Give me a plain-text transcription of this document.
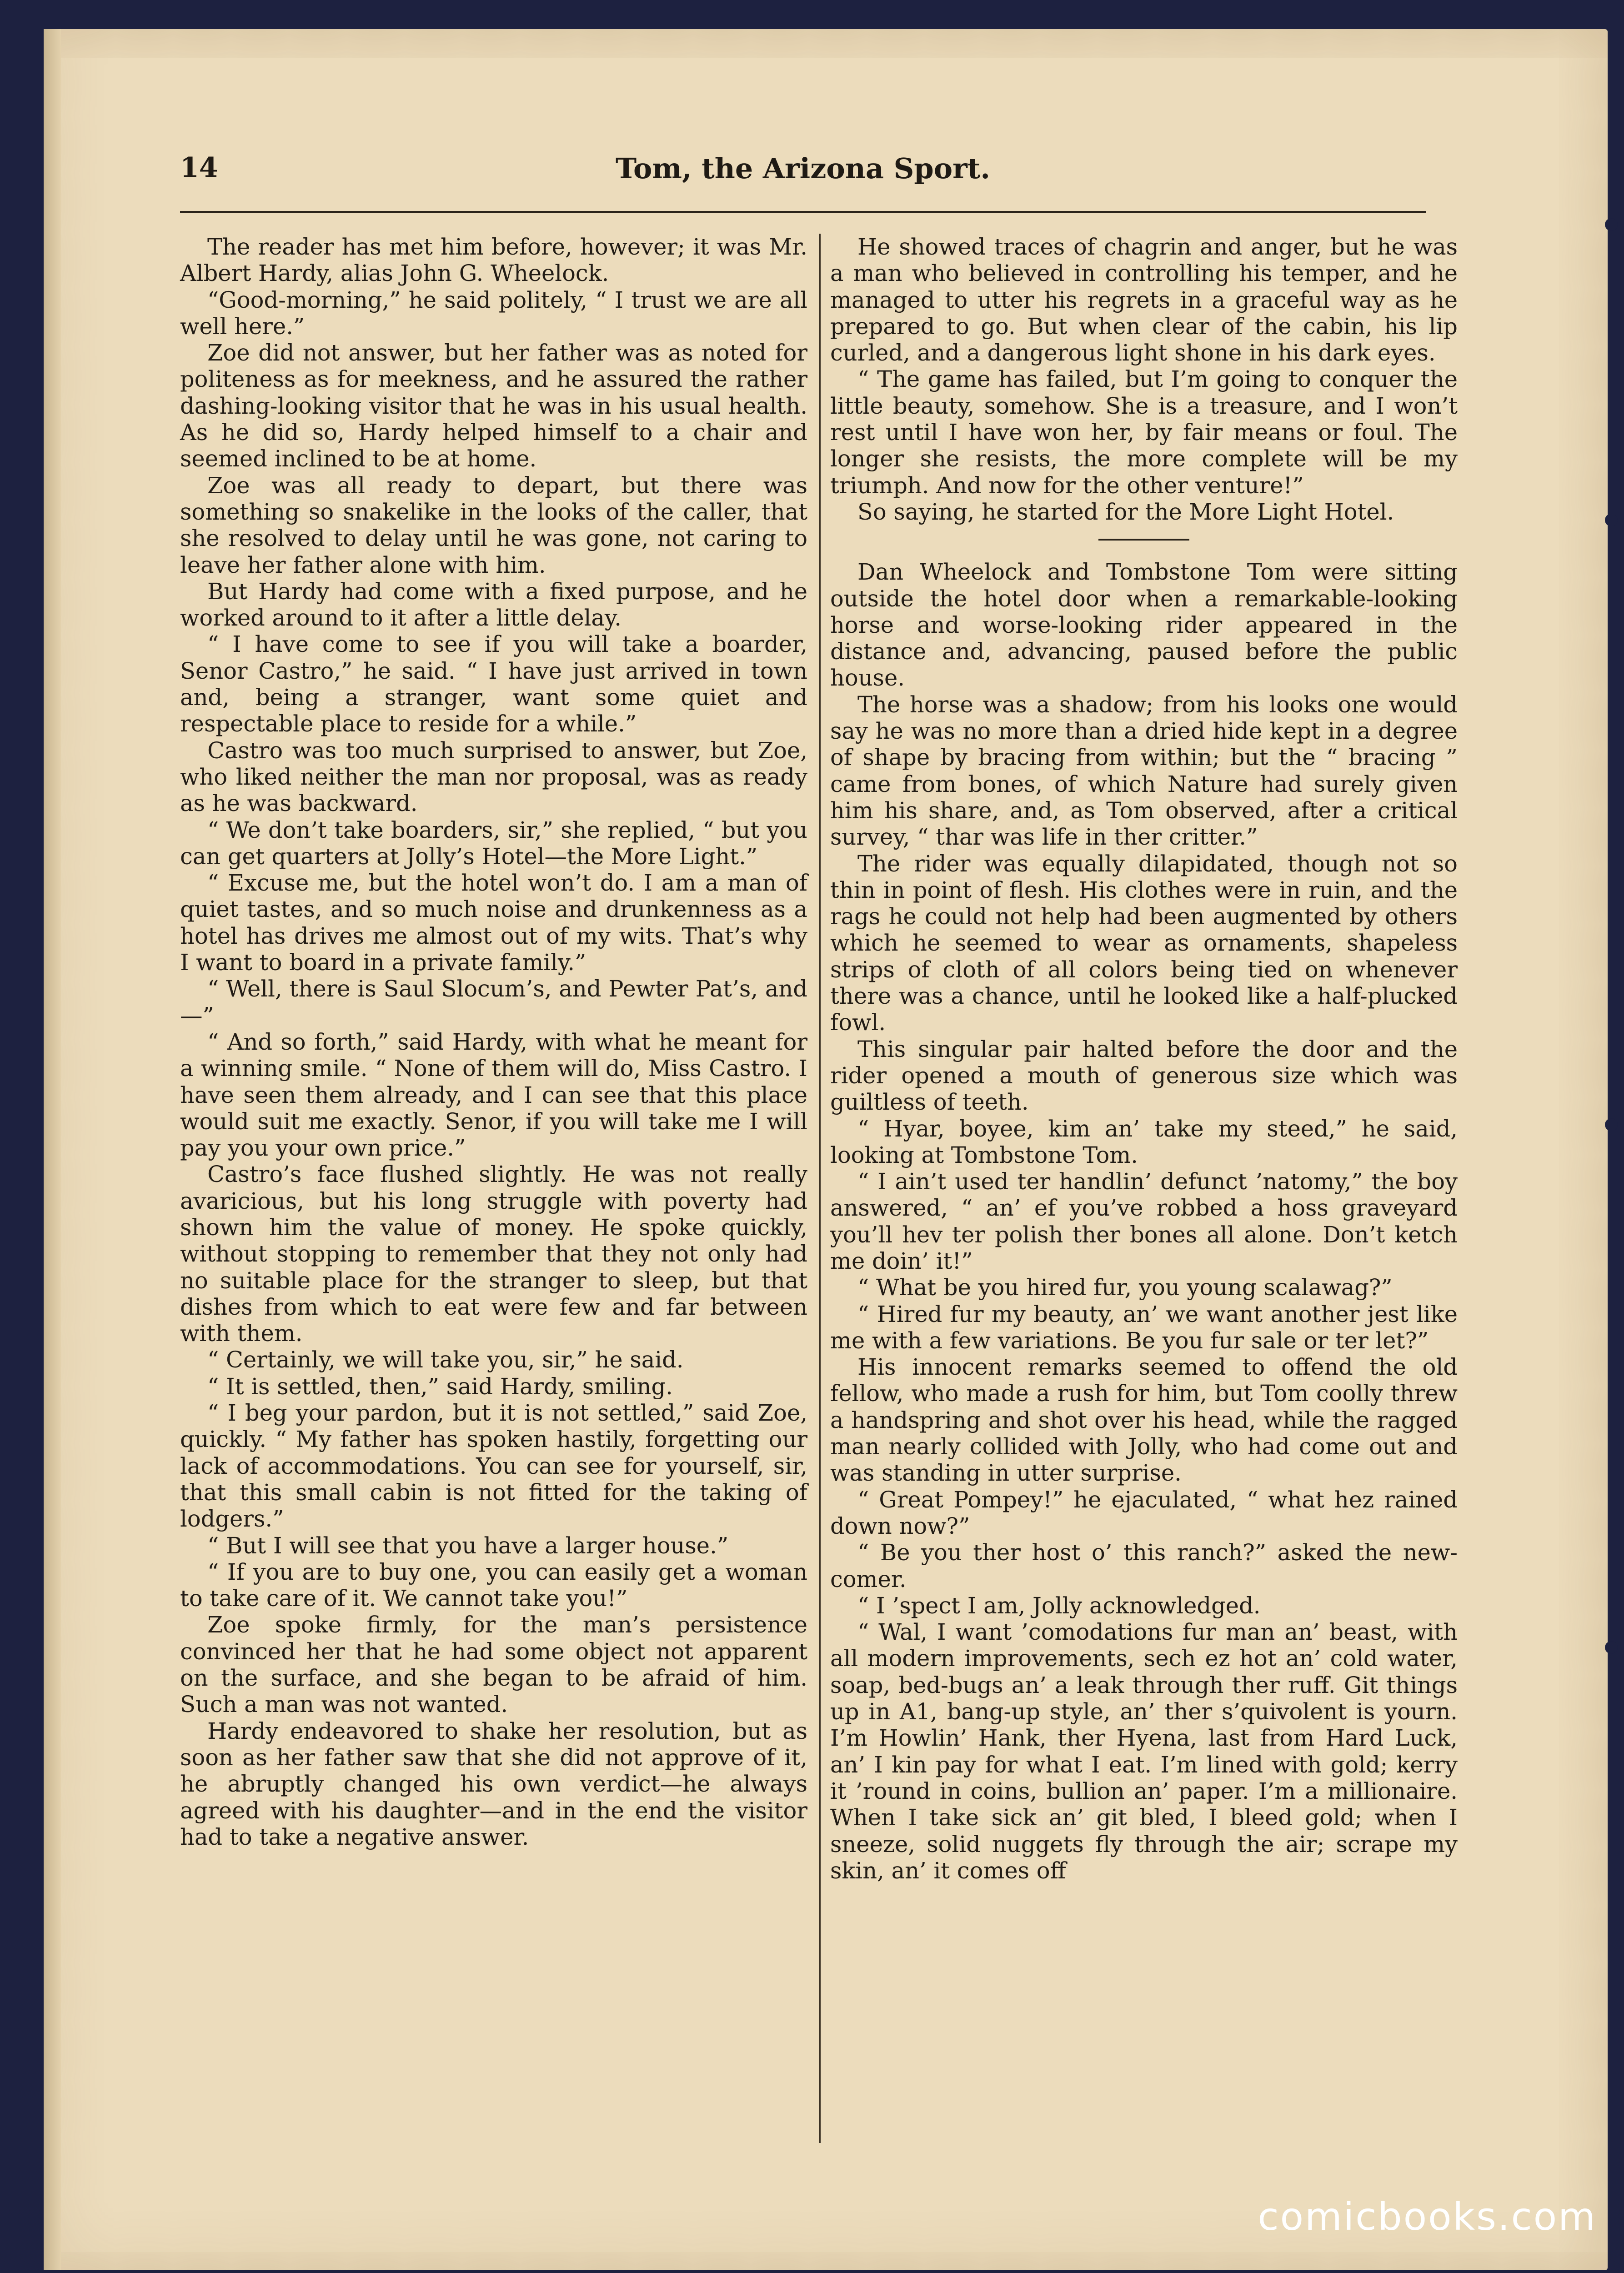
14	Tom, the Arizona Sport.

The reader has met him before, however; it was Mr. Albert Hardy, alias John G. Wheelock.

“Good-morning,” he said politely, “ I trust we are all well here.”

Zoe did not answer, but her father was as noted for politeness as for meekness, and he assured the rather dashing-looking visitor that he was in his usual health. As he did so, Hardy helped himself to a chair and seemed inclined to be at home.

Zoe was all ready to depart, but there was something so snakelike in the looks of the caller, that she resolved to delay until he was gone, not caring to leave her father alone with him.

But Hardy had come with a fixed purpose, and he worked around to it after a little delay.

“ I have come to see if you will take a boarder, Senor Castro,” he said. “ I have just arrived in town and, being a stranger, want some quiet and respectable place to reside for a while.”

Castro was too much surprised to answer, but Zoe, who liked neither the man nor proposal, was as ready as he was backward.

“ We don’t take boarders, sir,” she replied, “ but you can get quarters at Jolly’s Hotel—the More Light.”

“ Excuse me, but the hotel won’t do. I am a man of quiet tastes, and so much noise and drunkenness as a hotel has drives me almost out of my wits. That’s why I want to board in a private family.”

“ Well, there is Saul Slocum’s, and Pewter Pat’s, and—”

“ And so forth,” said Hardy, with what he meant for a winning smile. “ None of them will do, Miss Castro. I have seen them already, and I can see that this place would suit me exactly. Senor, if you will take me I will pay you your own price.”

Castro’s face flushed slightly. He was not really avaricious, but his long struggle with poverty had shown him the value of money. He spoke quickly, without stopping to remember that they not only had no suitable place for the stranger to sleep, but that dishes from which to eat were few and far between with them.

“ Certainly, we will take you, sir,” he said.

“ It is settled, then,” said Hardy, smiling.

“ I beg your pardon, but it is not settled,” said Zoe, quickly. “ My father has spoken hastily, forgetting our lack of accommodations. You can see for yourself, sir, that this small cabin is not fitted for the taking of lodgers.”

“ But I will see that you have a larger house.”

“ If you are to buy one, you can easily get a woman to take care of it. We cannot take you!”

Zoe spoke firmly, for the man’s persistence convinced her that he had some object not apparent on the surface, and she began to be afraid of him. Such a man was not wanted.

Hardy endeavored to shake her resolution, but as soon as her father saw that she did not approve of it, he abruptly changed his own verdict—he always agreed with his daughter—and in the end the visitor had to take a negative answer.

He showed traces of chagrin and anger, but he was a man who believed in controlling his temper, and he managed to utter his regrets in a graceful way as he prepared to go. But when clear of the cabin, his lip curled, and a dangerous light shone in his dark eyes.

“ The game has failed, but I’m going to conquer the little beauty, somehow. She is a treasure, and I won’t rest until I have won her, by fair means or foul. The longer she resists, the more complete will be my triumph. And now for the other venture!”

So saying, he started for the More Light Hotel.

Dan Wheelock and Tombstone Tom were sitting outside the hotel door when a remarkable-looking horse and worse-looking rider appeared in the distance and, advancing, paused before the public house.

The horse was a shadow; from his looks one would say he was no more than a dried hide kept in a degree of shape by bracing from within; but the “ bracing ” came from bones, of which Nature had surely given him his share, and, as Tom observed, after a critical survey, “ thar was life in ther critter.”

The rider was equally dilapidated, though not so thin in point of flesh. His clothes were in ruin, and the rags he could not help had been augmented by others which he seemed to wear as ornaments, shapeless strips of cloth of all colors being tied on whenever there was a chance, until he looked like a half-plucked fowl.

This singular pair halted before the door and the rider opened a mouth of generous size which was guiltless of teeth.

“ Hyar, boyee, kim an’ take my steed,” he said, looking at Tombstone Tom.

“ I ain’t used ter handlin’ defunct ’natomy,” the boy answered, “ an’ ef you’ve robbed a hoss graveyard you’ll hev ter polish ther bones all alone. Don’t ketch me doin’ it!”

“ What be you hired fur, you young scalawag?”

“ Hired fur my beauty, an’ we want another jest like me with a few variations. Be you fur sale or ter let?”

His innocent remarks seemed to offend the old fellow, who made a rush for him, but Tom coolly threw a handspring and shot over his head, while the ragged man nearly collided with Jolly, who had come out and was standing in utter surprise.

“ Great Pompey!” he ejaculated, “ what hez rained down now?”

“ Be you ther host o’ this ranch?” asked the new-comer.

“ I ’spect I am, Jolly acknowledged.

“ Wal, I want ’comodations fur man an’ beast, with all modern improvements, sech ez hot an’ cold water, soap, bed-bugs an’ a leak through ther ruff. Git things up in A1, bang-up style, an’ ther s’quivolent is yourn. I’m Howlin’ Hank, ther Hyena, last from Hard Luck, an’ I kin pay for what I eat. I’m lined with gold; kerry it ’round in coins, bullion an’ paper. I’m a millionaire. When I take sick an’ git bled, I bleed gold; when I sneeze, solid nuggets fly through the air; scrape my skin, an’ it comes off

comicbooks.com
